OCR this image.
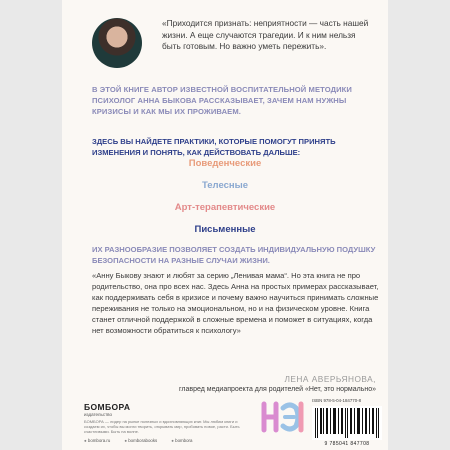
«Приходится признать: неприятности — часть нашей жизни. А еще случаются трагедии. И к ним нельзя быть готовым. Но важно уметь пережить».
В ЭТОЙ КНИГЕ АВТОР ИЗВЕСТНОЙ ВОСПИТАТЕЛЬНОЙ МЕТОДИКИ ПСИХОЛОГ АННА БЫКОВА РАССКАЗЫВАЕТ, ЗАЧЕМ НАМ НУЖНЫ КРИЗИСЫ И КАК МЫ ИХ ПРОЖИВАЕМ.
ЗДЕСЬ ВЫ НАЙДЕТЕ ПРАКТИКИ, КОТОРЫЕ ПОМОГУТ ПРИНЯТЬ ИЗМЕНЕНИЯ И ПОНЯТЬ, КАК ДЕЙСТВОВАТЬ ДАЛЬШЕ:
Поведенческие
Телесные
Арт-терапевтические
Письменные
ИХ РАЗНООБРАЗИЕ ПОЗВОЛЯЕТ СОЗДАТЬ ИНДИВИДУАЛЬНУЮ ПОДУШКУ БЕЗОПАСНОСТИ НА РАЗНЫЕ СЛУЧАИ ЖИЗНИ.
«Анну Быкову знают и любят за серию „Ленивая мама“. Но эта книга не про родительство, она про всех нас. Здесь Анна на простых примерах рассказывает, как поддерживать себя в кризисе и почему важно научиться принимать сложные переживания не только на эмоциональном, но и на физическом уровне. Книга станет отличной поддержкой в сложные времена и поможет в ситуациях, когда нет возможности обратиться к психологу»
ЛЕНА АВЕРЬЯНОВА,
главред медиапроекта для родителей «Нет, это нормально»
БОМБОРА
издательство
БОМБОРА — лидер на рынке полезных и вдохновляющих книг. Мы любим книги и создаем их, чтобы вы могли творить, открывать мир, пробовать новое, расти. Быть счастливыми. Быть на волне.
● bombora.ru	● bomborabooks	● bombora
ISBN 978-5-04-184770-8
9 785041 847708
